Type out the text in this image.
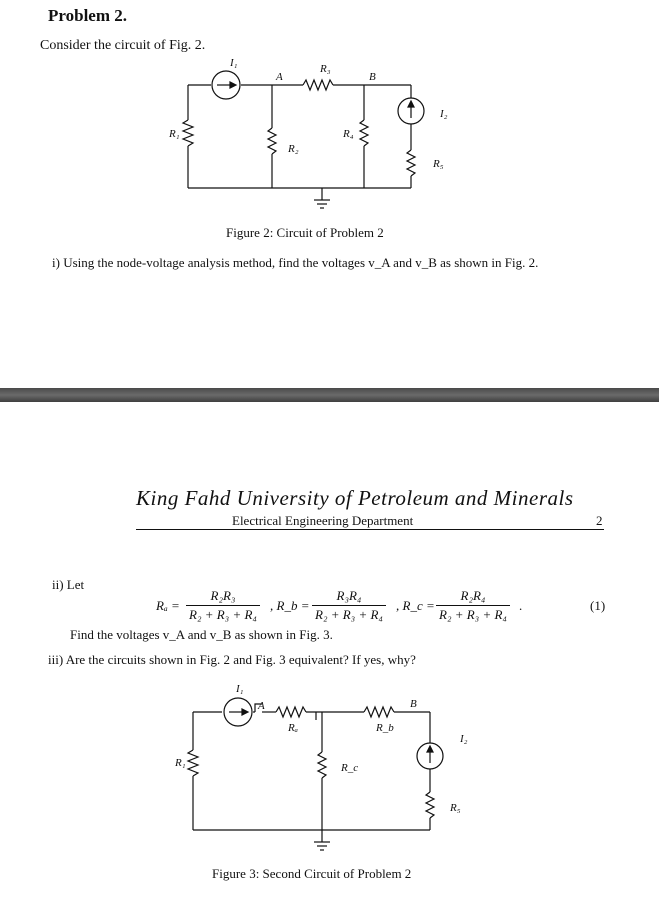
Problem 2.
Consider the circuit of Fig. 2.
I₁
A
R₃
B
I₂
R₁
R₂
R₄
R₅
Figure 2: Circuit of Problem 2
i) Using the node-voltage analysis method, find the voltages v_A and v_B as shown in Fig. 2.
King Fahd University of Petroleum and Minerals
Electrical Engineering Department	2
ii) Let
$R_a = \frac{\text{R₂R₃}}{\text{R₂ + R₃ + R₄}}$ , R_b = $\frac{\text{R₃R₄}}{\text{R₂ + R₃ + R₄}}$ , R_c = $\frac{\text{R₂R₄}}{\text{R₂ + R₃ + R₄}}$ .	(1)
Find the voltages v_A and v_B as shown in Fig. 3.
iii) Are the circuits shown in Fig. 2 and Fig. 3 equivalent? If yes, why?
I₁
A
Rₐ	R_b
B
I₂
R₁	R_c
R₅
Figure 3: Second Circuit of Problem 2
